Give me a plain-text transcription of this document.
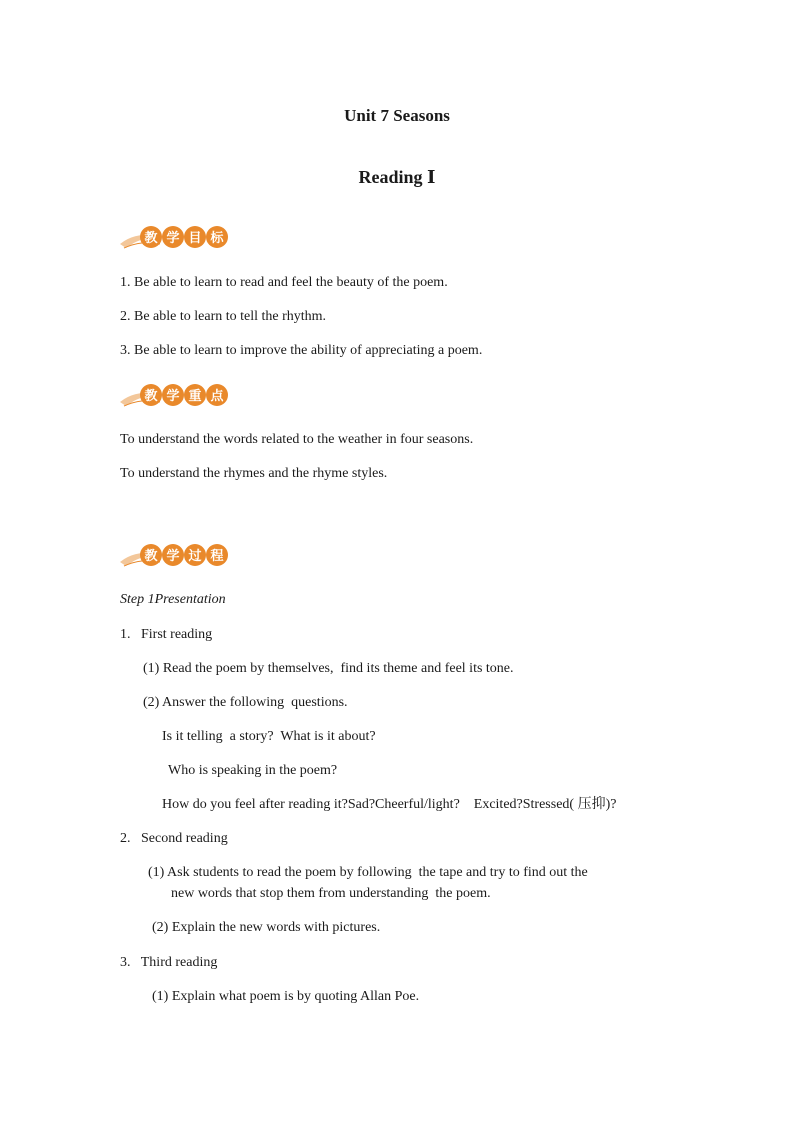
Unit 7 Seasons
Reading Ⅰ
教 学 目 标
1. Be able to learn to read and feel the beauty of the poem.
2. Be able to learn to tell the rhythm.
3. Be able to learn to improve the ability of appreciating a poem.
教 学 重 点
To understand the words related to the weather in four seasons.
To understand the rhymes and the rhyme styles.
教 学 过 程
Step 1Presentation
1.   First reading
(1) Read the poem by themselves,  find its theme and feel its tone.
(2) Answer the following  questions.
Is it telling  a story?  What is it about?
Who is speaking in the poem?
How do you feel after reading it?Sad?Cheerful/light?    Excited?Stressed( 压抑)?
2.   Second reading
(1) Ask students to read the poem by following  the tape and try to find out the
new words that stop them from understanding  the poem.
(2) Explain the new words with pictures.
3.   Third reading
(1) Explain what poem is by quoting Allan Poe.
